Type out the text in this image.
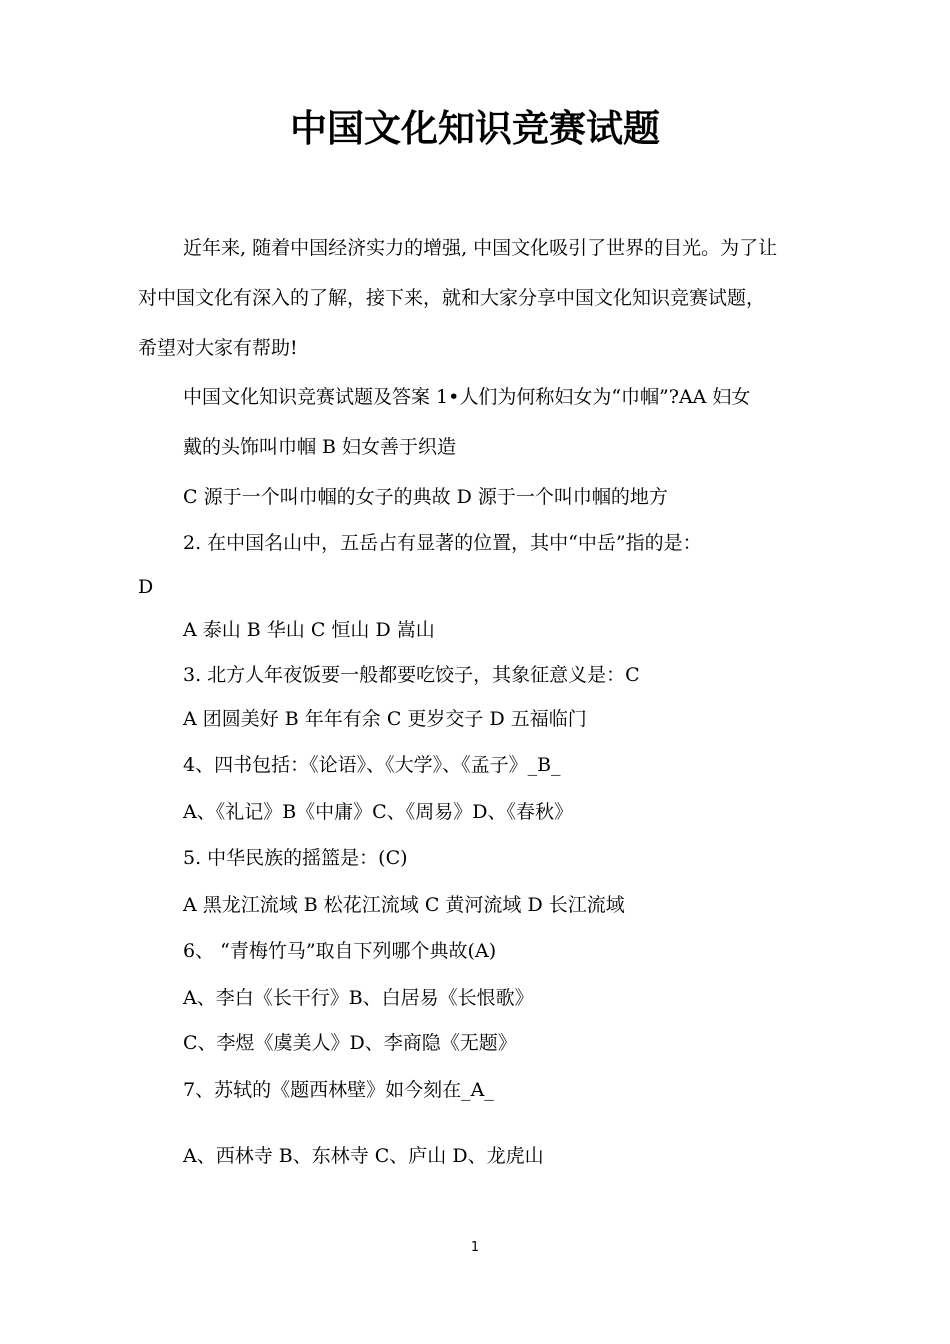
中国文化知识竞赛试题

近年来, 随着中国经济实力的增强, 中国文化吸引了世界的目光。为了让

对中国文化有深入的了解，接下来，就和大家分享中国文化知识竞赛试题，

希望对大家有帮助!

中国文化知识竞赛试题及答案 1•人们为何称妇女为“巾帼”?AA 妇女

戴的头饰叫巾帼 B 妇女善于织造

C 源于一个叫巾帼的女子的典故 D 源于一个叫巾帼的地方

2. 在中国名山中，五岳占有显著的位置，其中“中岳”指的是：

D

A 泰山 B 华山 C 恒山 D 嵩山

3. 北方人年夜饭要一般都要吃饺子，其象征意义是：C

A 团圆美好 B 年年有余 C 更岁交子 D 五福临门

4、四书包括：《论语》、《大学》、《孟子》_B_

A、《礼记》B《中庸》C、《周易》D、《春秋》

5. 中华民族的摇篮是：(C)

A 黑龙江流域 B 松花江流域 C 黄河流域 D 长江流域

6、 “青梅竹马”取自下列哪个典故(A)

A、李白《长干行》B、白居易《长恨歌》

C、李煜《虞美人》D、李商隐《无题》

7、苏轼的《题西林壁》如今刻在_A_

A、西林寺 B、东林寺 C、庐山 D、龙虎山

1
